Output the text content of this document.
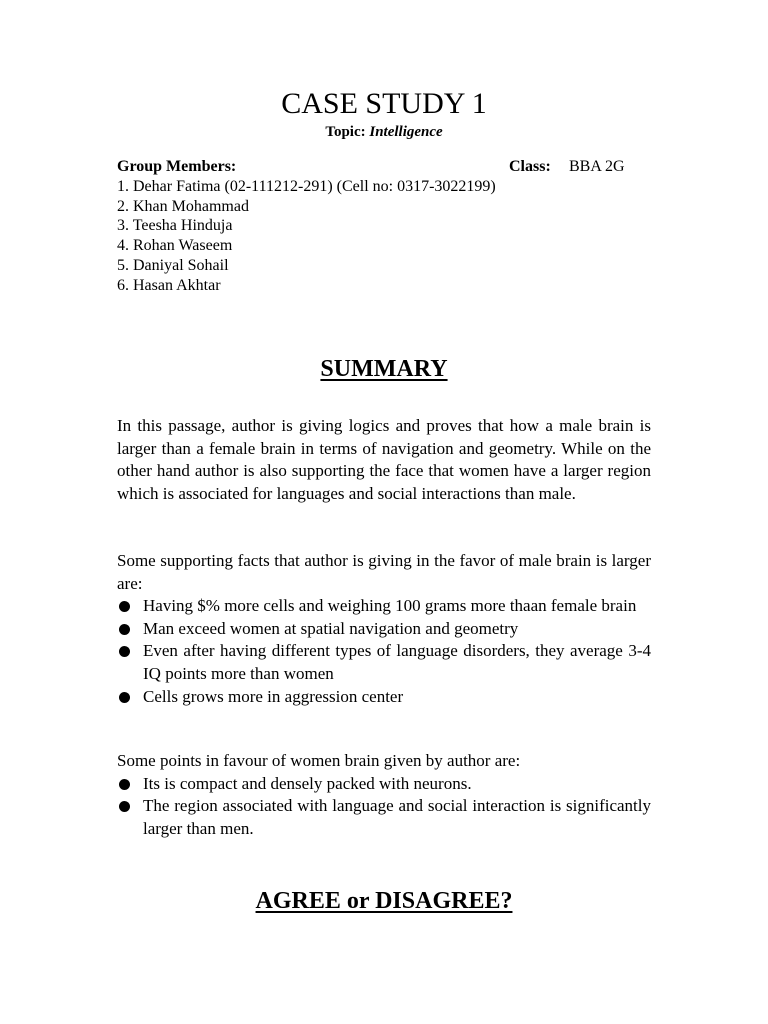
CASE STUDY 1
Topic: Intelligence
Group Members:	Class: BBA 2G
1. Dehar Fatima (02-111212-291) (Cell no: 0317-3022199)
2. Khan Mohammad
3. Teesha Hinduja
4. Rohan Waseem
5. Daniyal Sohail
6. Hasan Akhtar
SUMMARY
In this passage, author is giving logics and proves that how a male brain is larger than a female brain in terms of navigation and geometry. While on the other hand author is also supporting the face that women have a larger region which is associated for languages and social interactions than male.
Some supporting facts that author is giving in the favor of male brain is larger are:
Having $% more cells and weighing 100 grams more thaan female brain
Man exceed women at spatial navigation and geometry
Even after having different types of language disorders, they average 3-4 IQ points more than women
Cells grows more in aggression center
Some points in favour of women brain given by author are:
Its is compact and densely packed with neurons.
The region associated with language and social interaction is significantly larger than men.
AGREE or DISAGREE?
